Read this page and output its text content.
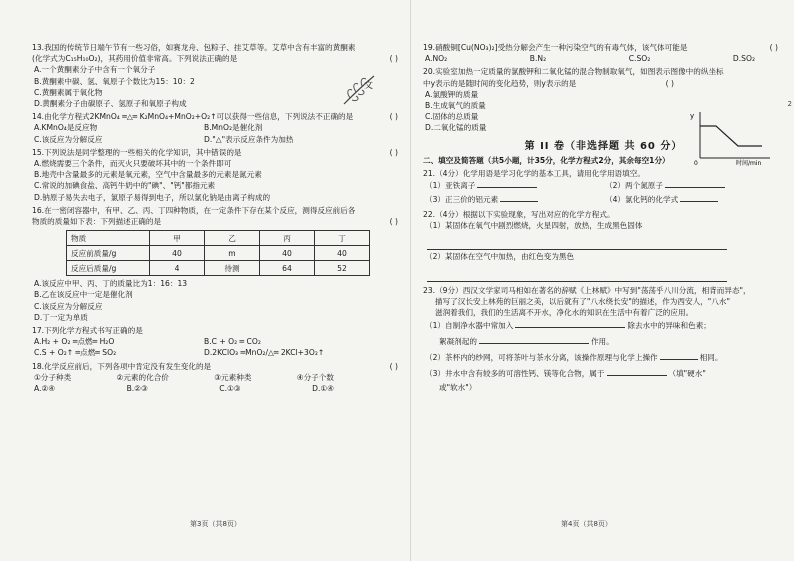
13.我国的传统节日端午节有一些习俗，如赛龙舟、包粽子、挂艾草等。艾草中含有丰富的黄酮素
(化学式为C₁₅H₁₀O₂)，其药用价值非常高。下列说法正确的是	( )
A.一个黄酮素分子中含有一个氧分子
B.黄酮素中碳、氢、氧原子个数比为15：10：2
C.黄酮素属于氧化物
D.黄酮素分子由碳原子、氢原子和氧原子构成
14.由化学方程式2KMnO₄ ═△═ K₂MnO₄+MnO₂+O₂↑可以获得一些信息，下列说法不正确的是	( )
A.KMnO₄是反应物	B.MnO₂是催化剂
C.该反应为分解反应	D."△"表示反应条件为加热
15.下列说法是同学整理的一些相关的化学知识，其中错误的是	( )
A.燃烧需要三个条件，而灭火只要破坏其中的一个条件即可
B.地壳中含量最多的元素是氧元素，空气中含量最多的元素是氮元素
C.常说的加碘食盐、高钙牛奶中的"碘"、"钙"都指元素
D.钠原子易失去电子，氯原子易得到电子，所以氯化钠是由离子构成的
16.在一密闭容器中，有甲、乙、丙、丁四种物质，在一定条件下存在某个反应，测得反应前后各
物质的质量如下表：下列描述正确的是	( )
物质	甲	乙	丙	丁
反应前质量/g	40	m	40	40
反应后质量/g	4	待测	64	52
A.该反应中甲、丙、丁的质量比为1：16：13
B.乙在该反应中一定是催化剂
C.该反应为分解反应
D.丁一定为单质
17.下列化学方程式书写正确的是
A.H₂ + O₂ ═点燃═ H₂O	B.C + O₂ ═ CO₂
C.S + O₂↑ ═点燃═ SO₂	D.2KClO₃ ═MnO₂/△═ 2KCl+3O₂↑
18.化学反应前后，下列各项中肯定没有发生变化的是	( )
①分子种类	②元素的化合价	③元素种类	④分子个数
A.②④	B.②③	C.①③	D.①④
文
第3页（共8页）
19.硝酸铜[Cu(NO₃)₂]受热分解会产生一种污染空气的有毒气体，该气体可能是	( )
A.NO₂	B.N₂	C.SO₂	D.SO₂
20.实验室加热一定质量的氯酸钾和二氧化锰的混合物制取氧气，如图表示图像中的纵坐标
中y表示的是随时间的变化趋势，则y表示的是	( )
A.氯酸钾的质量
B.生成氧气的质量
C.固体的总质量
D.二氧化锰的质量
y
0	时间/min
第 II 卷（非选择题 共 60 分）
二、填空及简答题（共5小题，计35分，化学方程式2分，其余每空1分）
21.（4分）化学用语是学习化学的基本工具，请用化学用语填空。
（1）亚铁离子	（2）两个氮原子
（3）正三价的铝元素	（4）氯化钙的化学式
22.（4分）根据以下实验现象，写出对应的化学方程式。
（1）某固体在氧气中剧烈燃烧，火星四射，放热，生成黑色固体
（2）某固体在空气中加热，由红色变为黑色
23.（9分）西汉文学家司马相如在著名的辞赋《上林赋》中写到"荡荡乎八川分流，相背而异态"，
描写了汉长安上林苑的巨丽之美，以后就有了"八水绕长安"的描述，作为西安人，"八水"
滋润着我们，我们的生活离不开水，净化水的知识在生活中有着广泛的应用。
（1）自制净水器中常加入	除去水中的异味和色素；
絮凝剂起的	作用。
（2）茶杯内的纱网，可将茶叶与茶水分离，该操作原理与化学上操作	相同。
（3）井水中含有较多的可溶性钙、镁等化合物，属于	（填"硬水"
或"软水"）
第4页（共8页）
2
